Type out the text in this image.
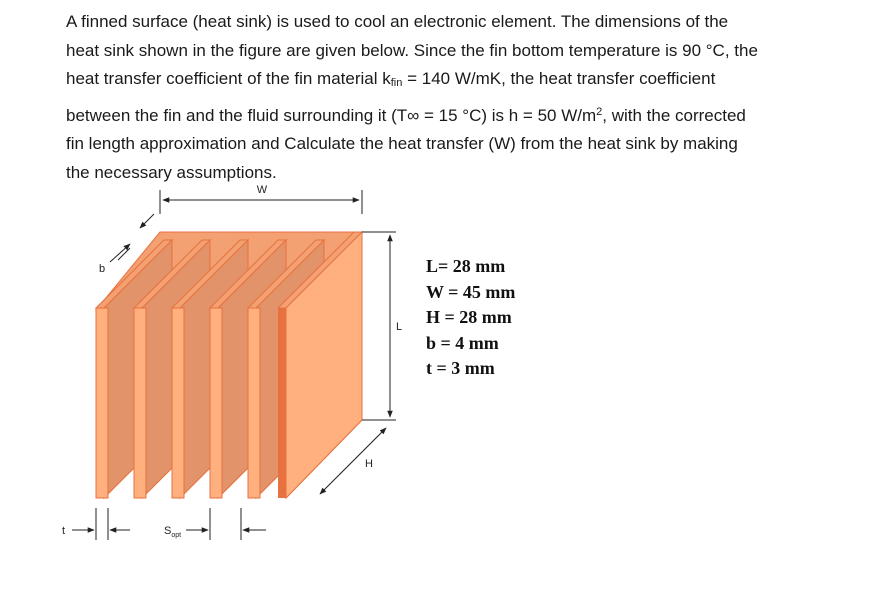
A finned surface (heat sink) is used to cool an electronic element. The dimensions of the
heat sink shown in the figure are given below. Since the fin bottom temperature is 90 °C, the
heat transfer coefficient of the fin material kfin = 140 W/mK, the heat transfer coefficient
between the fin and the fluid surrounding it (T∞ = 15 °C) is h = 50 $W/m^2$, with the corrected
fin length approximation and Calculate the heat transfer (W) from the heat sink by making
the necessary assumptions.
W
b
L
H
t	$S_{opt}$
L= 28 mm
W = 45 mm
H = 28 mm
b = 4 mm
t = 3 mm
